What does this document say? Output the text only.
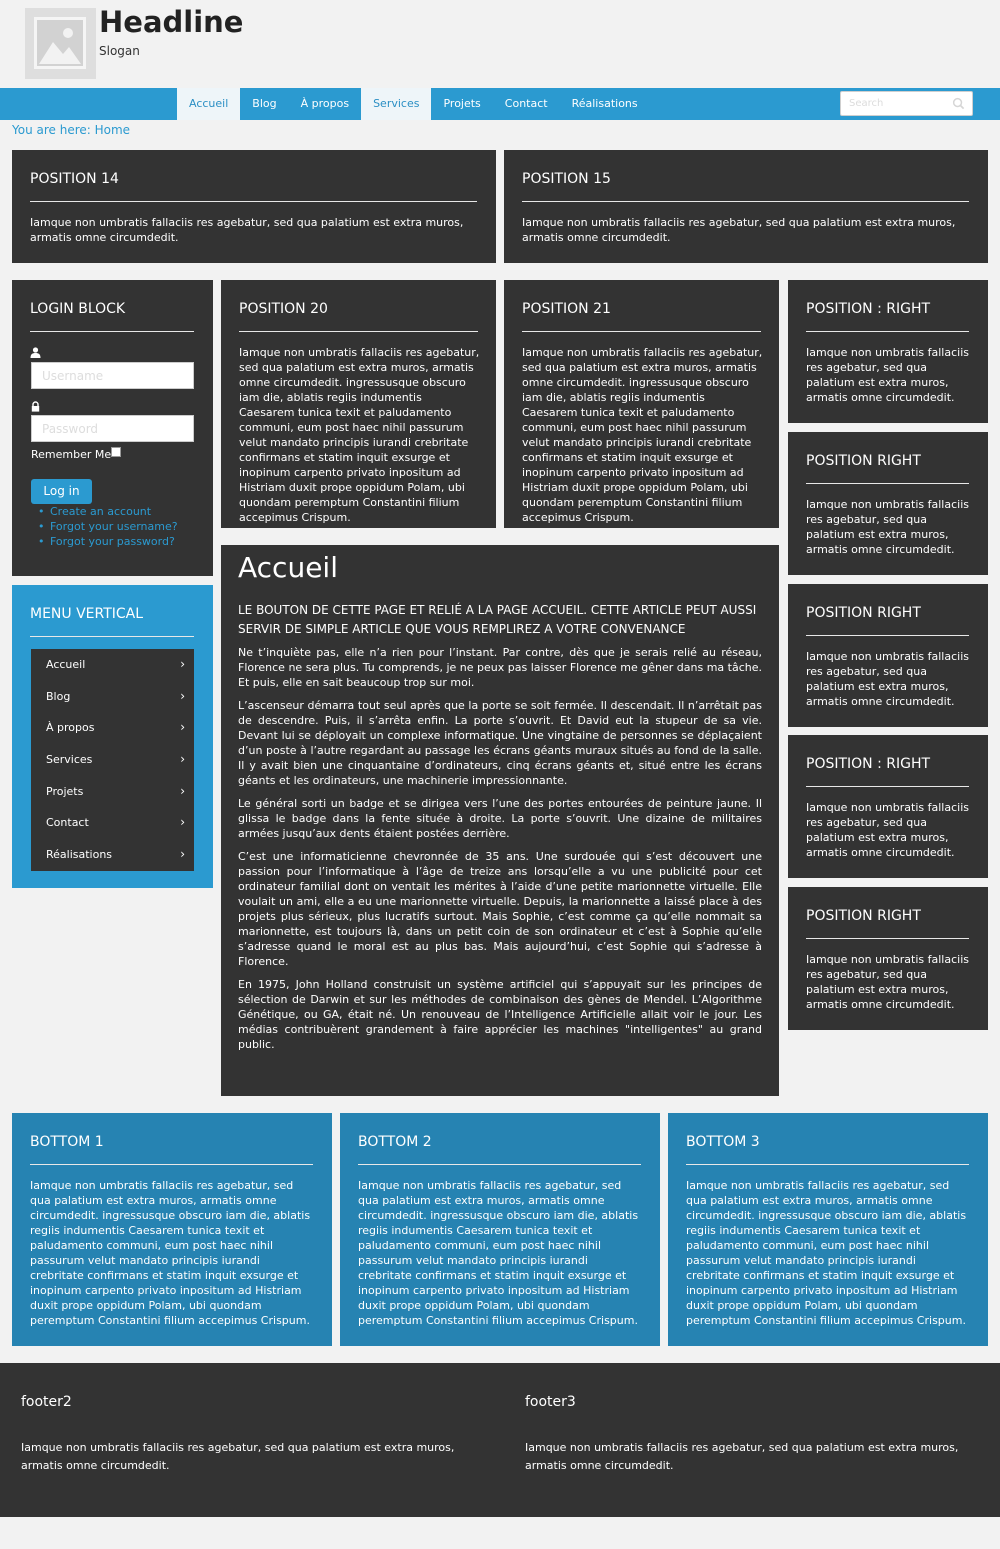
Headline
Slogan
Accueil	Blog	À propos	Services	Projets	Contact	Réalisations
Search
You are here: Home
POSITION 14
Iamque non umbratis fallaciis res agebatur, sed qua palatium est extra muros, armatis omne circumdedit.
POSITION 15
Iamque non umbratis fallaciis res agebatur, sed qua palatium est extra muros, armatis omne circumdedit.
LOGIN BLOCK
Username
Remember Me
Log in
• Create an account
• Forgot your username?
• Forgot your password?
MENU VERTICAL
Accueil	›
Blog	›
À propos	›
Services	›
Projets	›
Contact	›
Réalisations	›
POSITION 20
Iamque non umbratis fallaciis res agebatur, sed qua palatium est extra muros, armatis omne circumdedit. ingressusque obscuro iam die, ablatis regiis indumentis Caesarem tunica texit et paludamento communi, eum post haec nihil passurum velut mandato principis iurandi crebritate confirmans et statim inquit exsurge et inopinum carpento privato inpositum ad Histriam duxit prope oppidum Polam, ubi quondam peremptum Constantini filium accepimus Crispum.
POSITION 21
Iamque non umbratis fallaciis res agebatur, sed qua palatium est extra muros, armatis omne circumdedit. ingressusque obscuro iam die, ablatis regiis indumentis Caesarem tunica texit et paludamento communi, eum post haec nihil passurum velut mandato principis iurandi crebritate confirmans et statim inquit exsurge et inopinum carpento privato inpositum ad Histriam duxit prope oppidum Polam, ubi quondam peremptum Constantini filium accepimus Crispum.
Accueil
LE BOUTON DE CETTE PAGE ET RELIÉ A LA PAGE ACCUEIL. CETTE ARTICLE PEUT AUSSI SERVIR DE SIMPLE ARTICLE QUE VOUS REMPLIREZ A VOTRE CONVENANCE

Ne t’inquiète pas, elle n’a rien pour l’instant. Par contre, dès que je serais relié au réseau, Florence ne sera plus. Tu comprends, je ne peux pas laisser Florence me gêner dans ma tâche. Et puis, elle en sait beaucoup trop sur moi.

L’ascenseur démarra tout seul après que la porte se soit fermée. Il descendait. Il n’arrêtait pas de descendre. Puis, il s’arrêta enfin. La porte s’ouvrit. Et David eut la stupeur de sa vie. Devant lui se déployait un complexe informatique. Une vingtaine de personnes se déplaçaient d’un poste à l’autre regardant au passage les écrans géants muraux situés au fond de la salle. Il y avait bien une cinquantaine d’ordinateurs, cinq écrans géants et, situé entre les écrans géants et les ordinateurs, une machinerie impressionnante.

Le général sorti un badge et se dirigea vers l’une des portes entourées de peinture jaune. Il glissa le badge dans la fente située à droite. La porte s’ouvrit. Une dizaine de militaires armées jusqu’aux dents étaient postées derrière.

C’est une informaticienne chevronnée de 35 ans. Une surdouée qui s’est découvert une passion pour l’informatique à l’âge de treize ans lorsqu’elle a vu une publicité pour cet ordinateur familial dont on ventait les mérites à l’aide d’une petite marionnette virtuelle. Elle voulait un ami, elle a eu une marionnette virtuelle. Depuis, la marionnette a laissé place à des projets plus sérieux, plus lucratifs surtout. Mais Sophie, c’est comme ça qu’elle nommait sa marionnette, est toujours là, dans un petit coin de son ordinateur et c’est à Sophie qu’elle s’adresse quand le moral est au plus bas. Mais aujourd’hui, c’est Sophie qui s’adresse à Florence.

En 1975, John Holland construisit un système artificiel qui s’appuyait sur les principes de sélection de Darwin et sur les méthodes de combinaison des gènes de Mendel. L’Algorithme Génétique, ou GA, était né. Un renouveau de l’Intelligence Artificielle allait voir le jour. Les médias contribuèrent grandement à faire apprécier les machines "intelligentes" au grand public.

POSITION : RIGHT
Iamque non umbratis fallaciis res agebatur, sed qua palatium est extra muros, armatis omne circumdedit.
POSITION RIGHT
Iamque non umbratis fallaciis res agebatur, sed qua palatium est extra muros, armatis omne circumdedit.
POSITION RIGHT
Iamque non umbratis fallaciis res agebatur, sed qua palatium est extra muros, armatis omne circumdedit.
POSITION : RIGHT
Iamque non umbratis fallaciis res agebatur, sed qua palatium est extra muros, armatis omne circumdedit.
POSITION RIGHT
Iamque non umbratis fallaciis res agebatur, sed qua palatium est extra muros, armatis omne circumdedit.
BOTTOM 1
Iamque non umbratis fallaciis res agebatur, sed qua palatium est extra muros, armatis omne circumdedit. ingressusque obscuro iam die, ablatis regiis indumentis Caesarem tunica texit et paludamento communi, eum post haec nihil passurum velut mandato principis iurandi crebritate confirmans et statim inquit exsurge et inopinum carpento privato inpositum ad Histriam duxit prope oppidum Polam, ubi quondam peremptum Constantini filium accepimus Crispum.
BOTTOM 2
Iamque non umbratis fallaciis res agebatur, sed qua palatium est extra muros, armatis omne circumdedit. ingressusque obscuro iam die, ablatis regiis indumentis Caesarem tunica texit et paludamento communi, eum post haec nihil passurum velut mandato principis iurandi crebritate confirmans et statim inquit exsurge et inopinum carpento privato inpositum ad Histriam duxit prope oppidum Polam, ubi quondam peremptum Constantini filium accepimus Crispum.
BOTTOM 3
Iamque non umbratis fallaciis res agebatur, sed qua palatium est extra muros, armatis omne circumdedit. ingressusque obscuro iam die, ablatis regiis indumentis Caesarem tunica texit et paludamento communi, eum post haec nihil passurum velut mandato principis iurandi crebritate confirmans et statim inquit exsurge et inopinum carpento privato inpositum ad Histriam duxit prope oppidum Polam, ubi quondam peremptum Constantini filium accepimus Crispum.
footer2
Iamque non umbratis fallaciis res agebatur, sed qua palatium est extra muros, armatis omne circumdedit.
footer3
Iamque non umbratis fallaciis res agebatur, sed qua palatium est extra muros, armatis omne circumdedit.
